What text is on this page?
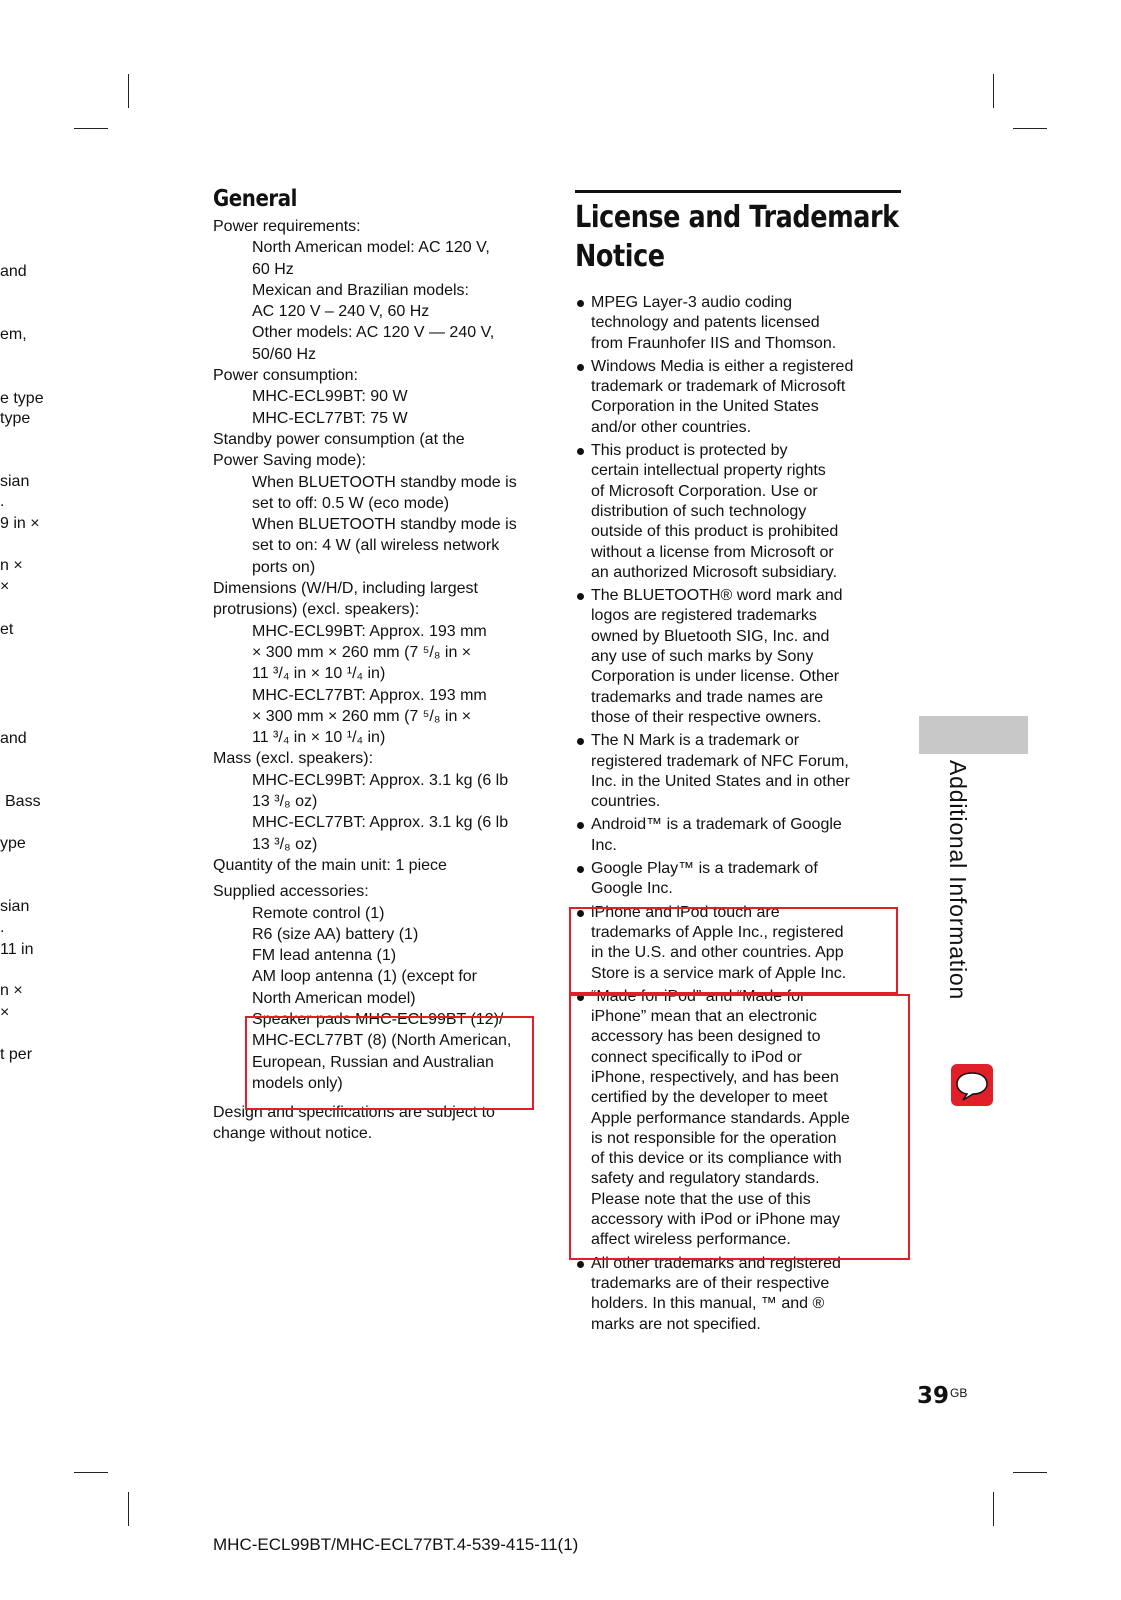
and
em,
e type
type
sian
.
9 in ×
n ×
×
et
and
Bass
ype
sian
.
11 in
n ×
×
t per
General
Power requirements:
North American model: AC 120 V,
60 Hz
Mexican and Brazilian models:
AC 120 V – 240 V, 60 Hz
Other models: AC 120 V — 240 V,
50/60 Hz
Power consumption:
MHC-ECL99BT: 90 W
MHC-ECL77BT: 75 W
Standby power consumption (at the
Power Saving mode):
When BLUETOOTH standby mode is
set to off: 0.5 W (eco mode)
When BLUETOOTH standby mode is
set to on: 4 W (all wireless network
ports on)
Dimensions (W/H/D, including largest
protrusions) (excl. speakers):
MHC-ECL99BT: Approx. 193 mm
× 300 mm × 260 mm (7 ⁵/₈ in ×
11 ³/₄ in × 10 ¹/₄ in)
MHC-ECL77BT: Approx. 193 mm
× 300 mm × 260 mm (7 ⁵/₈ in ×
11 ³/₄ in × 10 ¹/₄ in)
Mass (excl. speakers):
MHC-ECL99BT: Approx. 3.1 kg (6 lb
13 ³/₈ oz)
MHC-ECL77BT: Approx. 3.1 kg (6 lb
13 ³/₈ oz)
Quantity of the main unit: 1 piece
Supplied accessories:
Remote control (1)
R6 (size AA) battery (1)
FM lead antenna (1)
AM loop antenna (1) (except for
North American model)
Speaker pads MHC-ECL99BT (12)/
MHC-ECL77BT (8) (North American,
European, Russian and Australian
models only)
Design and specifications are subject to
change without notice.
License and Trademark
Notice
MPEG Layer-3 audio coding
technology and patents licensed
from Fraunhofer IIS and Thomson.
Windows Media is either a registered
trademark or trademark of Microsoft
Corporation in the United States
and/or other countries.
This product is protected by
certain intellectual property rights
of Microsoft Corporation. Use or
distribution of such technology
outside of this product is prohibited
without a license from Microsoft or
an authorized Microsoft subsidiary.
The BLUETOOTH® word mark and
logos are registered trademarks
owned by Bluetooth SIG, Inc. and
any use of such marks by Sony
Corporation is under license. Other
trademarks and trade names are
those of their respective owners.
The N Mark is a trademark or
registered trademark of NFC Forum,
Inc. in the United States and in other
countries.
Android™ is a trademark of Google
Inc.
Google Play™ is a trademark of
Google Inc.
iPhone and iPod touch are
trademarks of Apple Inc., registered
in the U.S. and other countries. App
Store is a service mark of Apple Inc.
“Made for iPod” and “Made for
iPhone” mean that an electronic
accessory has been designed to
connect specifically to iPod or
iPhone, respectively, and has been
certified by the developer to meet
Apple performance standards. Apple
is not responsible for the operation
of this device or its compliance with
safety and regulatory standards.
Please note that the use of this
accessory with iPod or iPhone may
affect wireless performance.
All other trademarks and registered
trademarks are of their respective
holders. In this manual, ™ and ®
marks are not specified.
Additional Information
$39^{GB}$
MHC-ECL99BT/MHC-ECL77BT.4-539-415-11(1)
